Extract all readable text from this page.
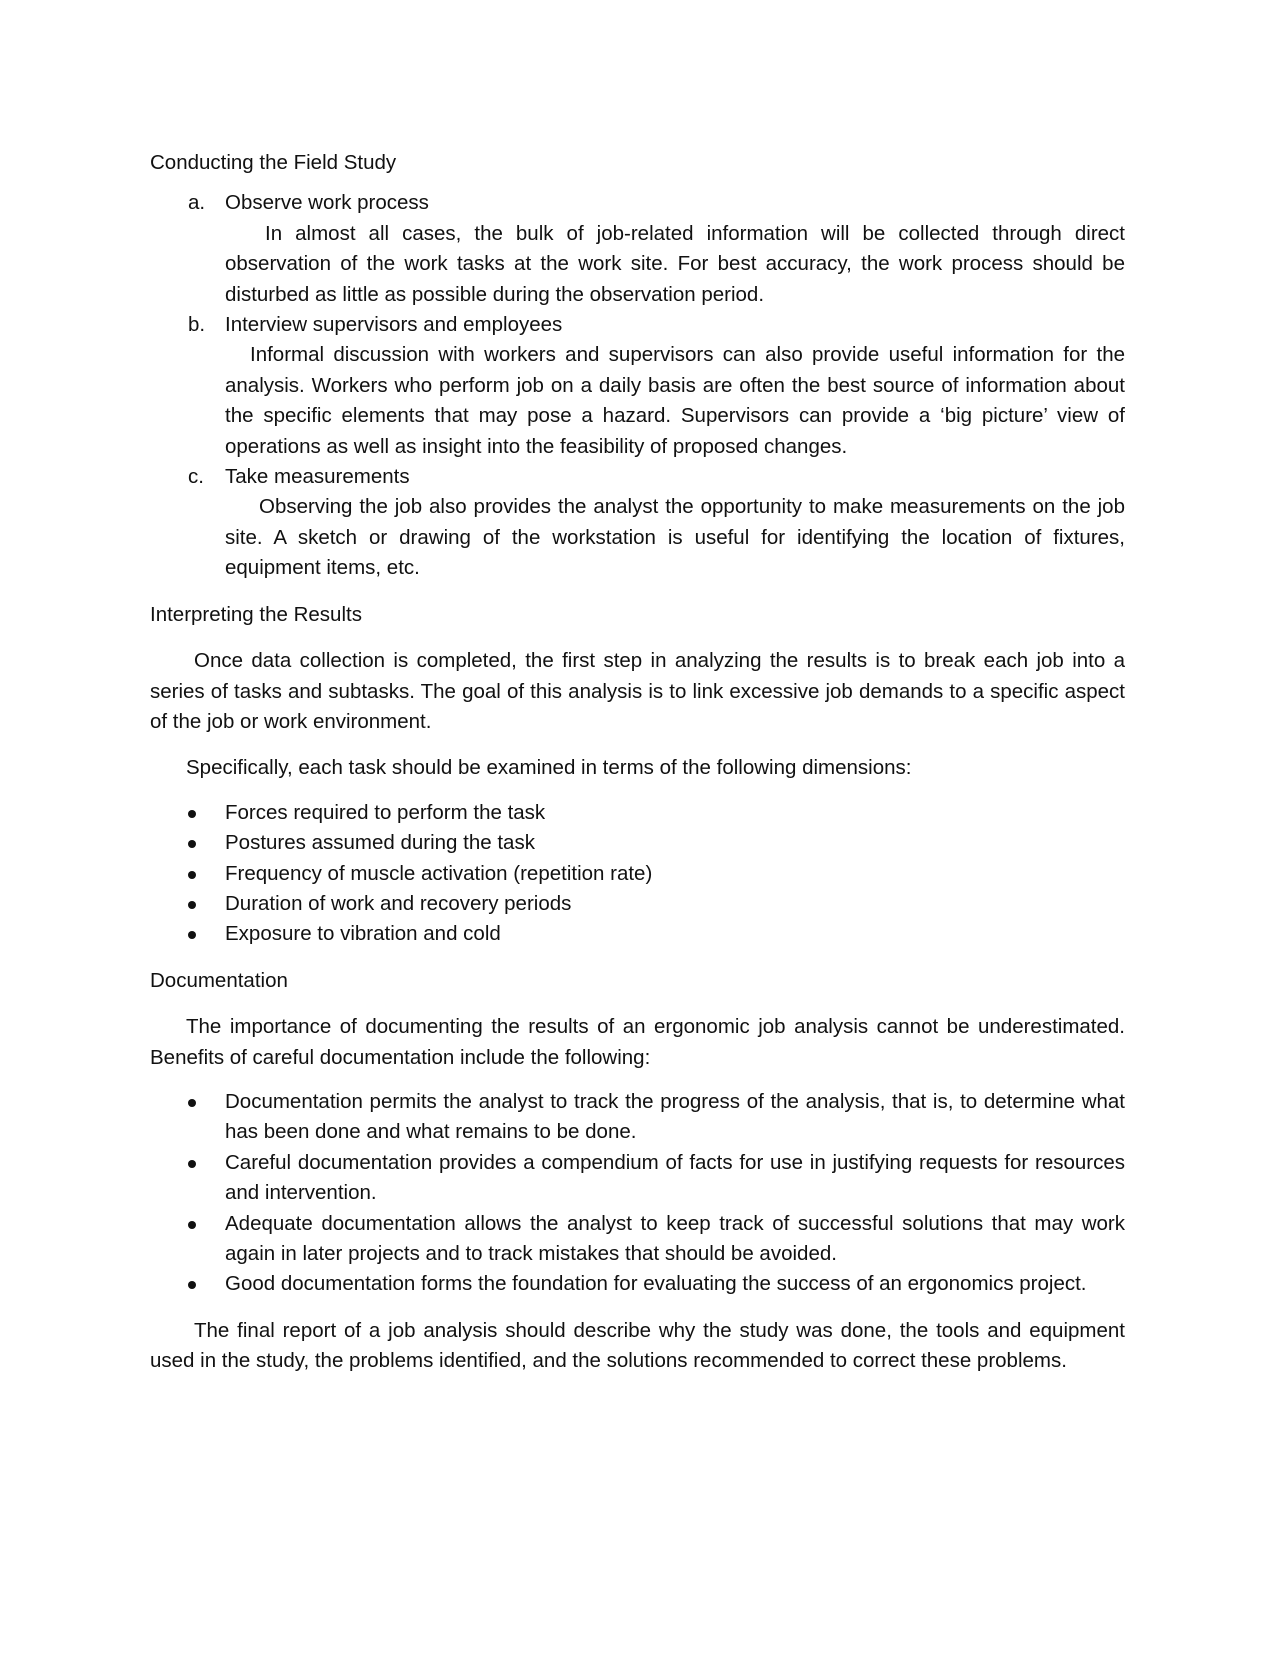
Conducting the Field Study

a. Observe work process
In almost all cases, the bulk of job-related information will be collected through direct observation of the work tasks at the work site. For best accuracy, the work process should be disturbed as little as possible during the observation period.
b. Interview supervisors and employees
Informal discussion with workers and supervisors can also provide useful information for the analysis. Workers who perform job on a daily basis are often the best source of information about the specific elements that may pose a hazard. Supervisors can provide a ‘big picture’ view of operations as well as insight into the feasibility of proposed changes.
c. Take measurements
Observing the job also provides the analyst the opportunity to make measurements on the job site. A sketch or drawing of the workstation is useful for identifying the location of fixtures, equipment items, etc.

Interpreting the Results

Once data collection is completed, the first step in analyzing the results is to break each job into a series of tasks and subtasks. The goal of this analysis is to link excessive job demands to a specific aspect of the job or work environment.

Specifically, each task should be examined in terms of the following dimensions:

Forces required to perform the task
Postures assumed during the task
Frequency of muscle activation (repetition rate)
Duration of work and recovery periods
Exposure to vibration and cold

Documentation

The importance of documenting the results of an ergonomic job analysis cannot be underestimated. Benefits of careful documentation include the following:

Documentation permits the analyst to track the progress of the analysis, that is, to determine what has been done and what remains to be done.
Careful documentation provides a compendium of facts for use in justifying requests for resources and intervention.
Adequate documentation allows the analyst to keep track of successful solutions that may work again in later projects and to track mistakes that should be avoided.
Good documentation forms the foundation for evaluating the success of an ergonomics project.

The final report of a job analysis should describe why the study was done, the tools and equipment used in the study, the problems identified, and the solutions recommended to correct these problems.
